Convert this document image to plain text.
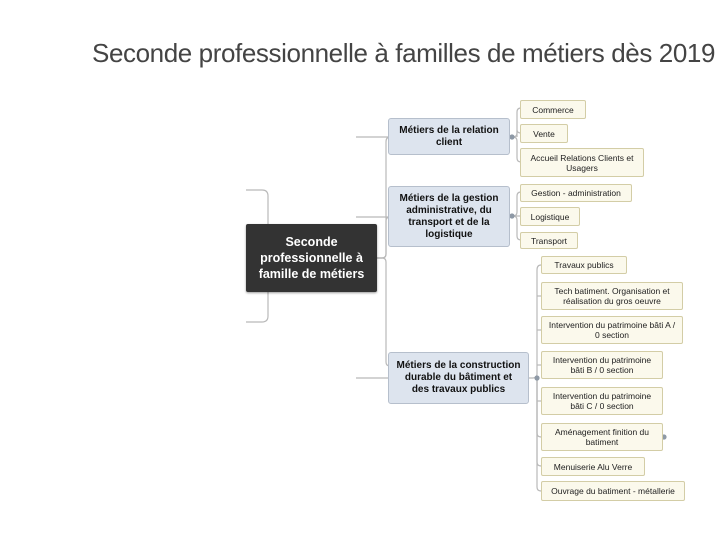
Seconde professionnelle à familles de métiers dès 2019
Seconde professionnelle à famille de métiers
Métiers de la relation client
Commerce
Vente
Accueil Relations Clients et Usagers
Métiers de la gestion administrative, du transport et de la logistique
Gestion - administration
Logistique
Transport
Métiers de la construction durable du bâtiment et des travaux publics
Travaux publics
Tech batiment. Organisation et réalisation du gros oeuvre
Intervention du patrimoine bâti A / 0 section
Intervention du patrimoine bâti B / 0 section
Intervention du patrimoine bâti C / 0 section
Aménagement finition du batiment
Menuiserie Alu Verre
Ouvrage du batiment - métallerie
